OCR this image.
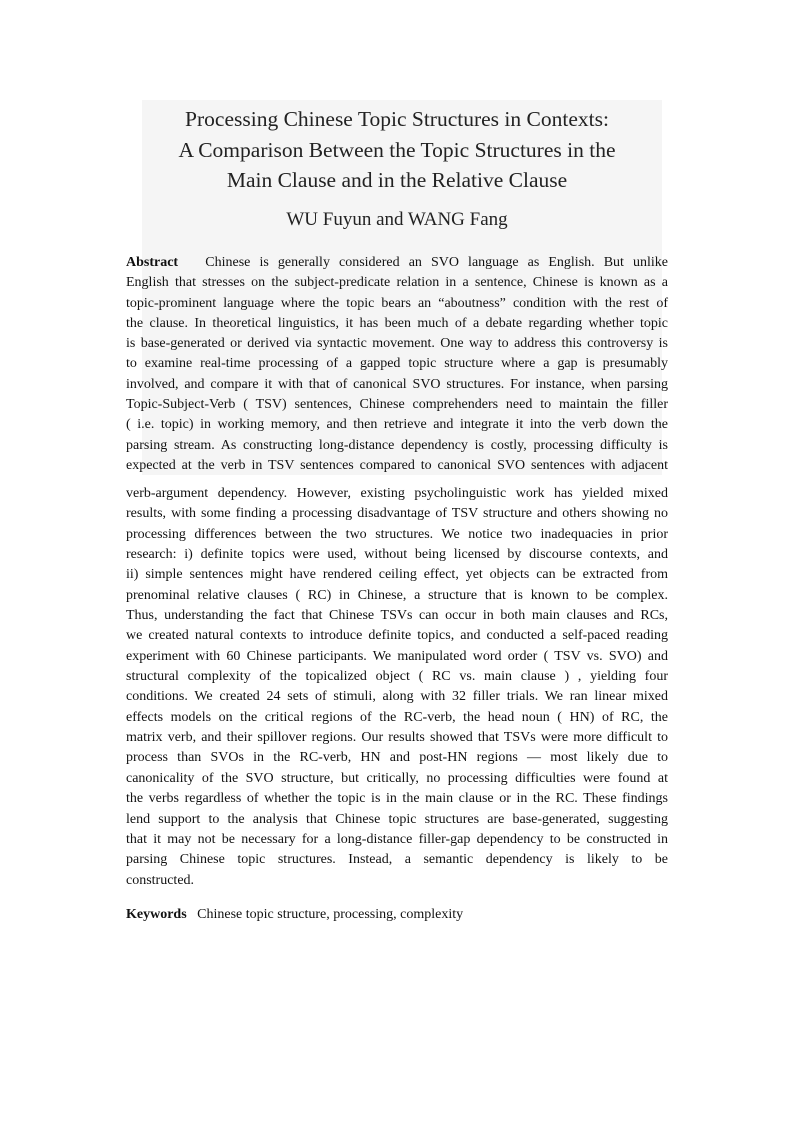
Processing Chinese Topic Structures in Contexts:
A Comparison Between the Topic Structures in the
Main Clause and in the Relative Clause
WU Fuyun and WANG Fang
Abstract Chinese is generally considered an SVO language as English. But unlike
English that stresses on the subject-predicate relation in a sentence, Chinese is known as a
topic-prominent language where the topic bears an “aboutness” condition with the rest of
the clause. In theoretical linguistics, it has been much of a debate regarding whether topic
is base-generated or derived via syntactic movement. One way to address this controversy is
to examine real-time processing of a gapped topic structure where a gap is presumably
involved, and compare it with that of canonical SVO structures. For instance, when parsing
Topic-Subject-Verb ( TSV) sentences, Chinese comprehenders need to maintain the filler
( i.e. topic) in working memory, and then retrieve and integrate it into the verb down the
parsing stream. As constructing long-distance dependency is costly, processing difficulty is
expected at the verb in TSV sentences compared to canonical SVO sentences with adjacent
verb-argument dependency. However, existing psycholinguistic work has yielded mixed
results, with some finding a processing disadvantage of TSV structure and others showing no
processing differences between the two structures. We notice two inadequacies in prior
research: i) definite topics were used, without being licensed by discourse contexts, and
ii) simple sentences might have rendered ceiling effect, yet objects can be extracted from
prenominal relative clauses ( RC) in Chinese, a structure that is known to be complex.
Thus, understanding the fact that Chinese TSVs can occur in both main clauses and RCs,
we created natural contexts to introduce definite topics, and conducted a self-paced reading
experiment with 60 Chinese participants. We manipulated word order ( TSV vs. SVO) and
structural complexity of the topicalized object ( RC vs. main clause ) , yielding four
conditions. We created 24 sets of stimuli, along with 32 filler trials. We ran linear mixed
effects models on the critical regions of the RC-verb, the head noun ( HN) of RC, the
matrix verb, and their spillover regions. Our results showed that TSVs were more difficult to
process than SVOs in the RC-verb, HN and post-HN regions — most likely due to
canonicality of the SVO structure, but critically, no processing difficulties were found at
the verbs regardless of whether the topic is in the main clause or in the RC. These findings
lend support to the analysis that Chinese topic structures are base-generated, suggesting
that it may not be necessary for a long-distance filler-gap dependency to be constructed in
parsing Chinese topic structures. Instead, a semantic dependency is likely to be
constructed.
Keywords Chinese topic structure, processing, complexity
